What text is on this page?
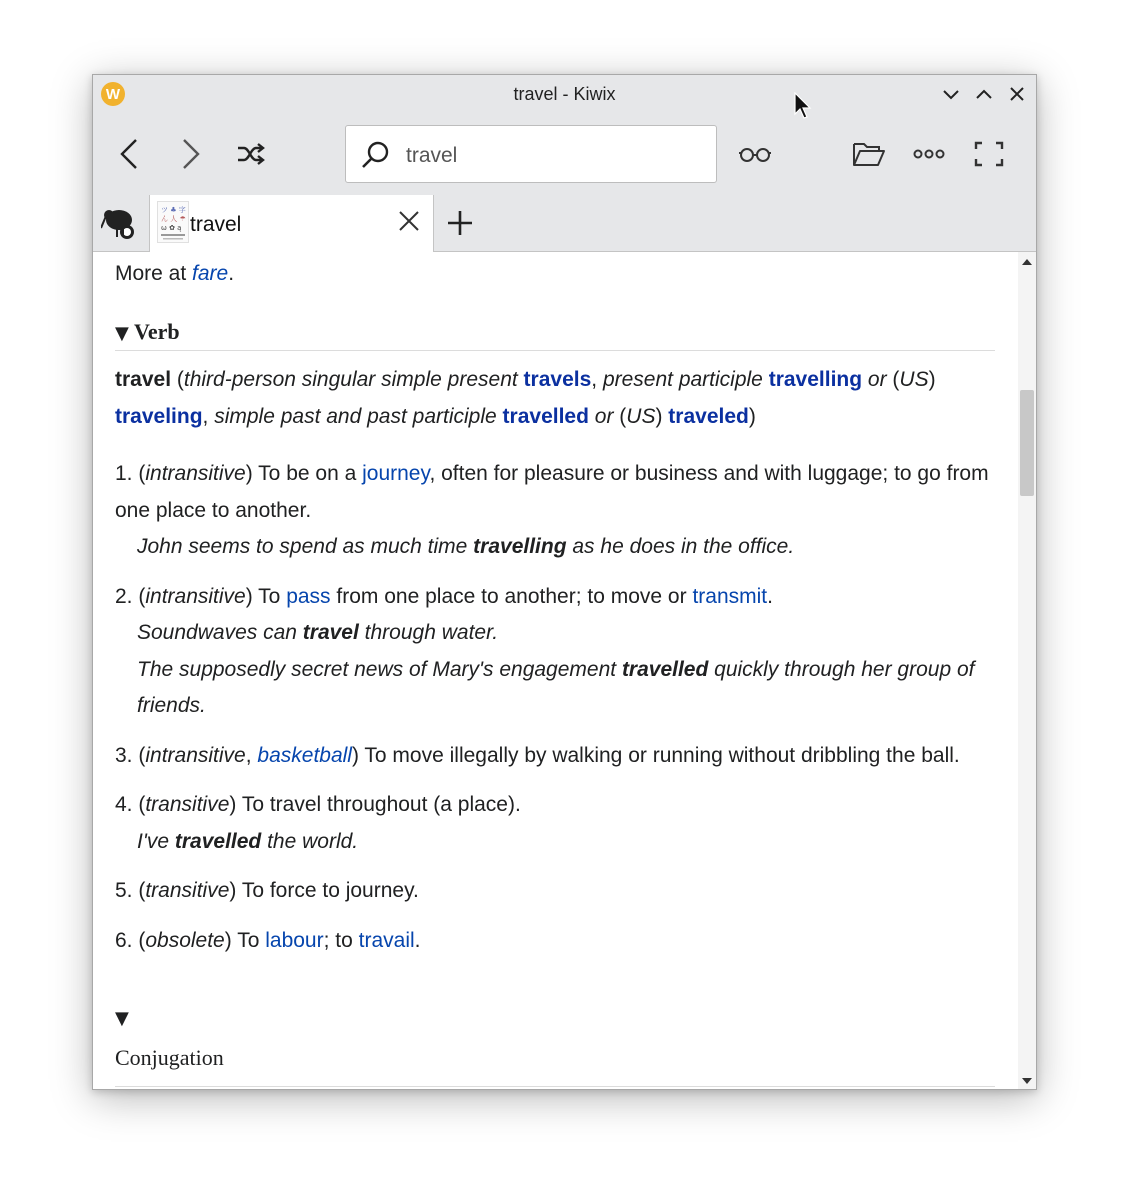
W	travel - Kiwix
travel
ツ ♣ 字
ん 人 ☂
ω ✿ ą travel

More at fare.

▼ Verb

travel (third-person singular simple present travels, present participle travelling or (US) traveling, simple past and past participle travelled or (US) traveled)

1. (intransitive) To be on a journey, often for pleasure or business and with luggage; to go from one place to another.

John seems to spend as much time travelling as he does in the office.

2. (intransitive) To pass from one place to another; to move or transmit.

Soundwaves can travel through water.

The supposedly secret news of Mary's engagement travelled quickly through her group of friends.

3. (intransitive, basketball) To move illegally by walking or running without dribbling the ball.

4. (transitive) To travel throughout (a place).

I've travelled the world.

5. (transitive) To force to journey.

6. (obsolete) To labour; to travail.

▼
Conjugation
